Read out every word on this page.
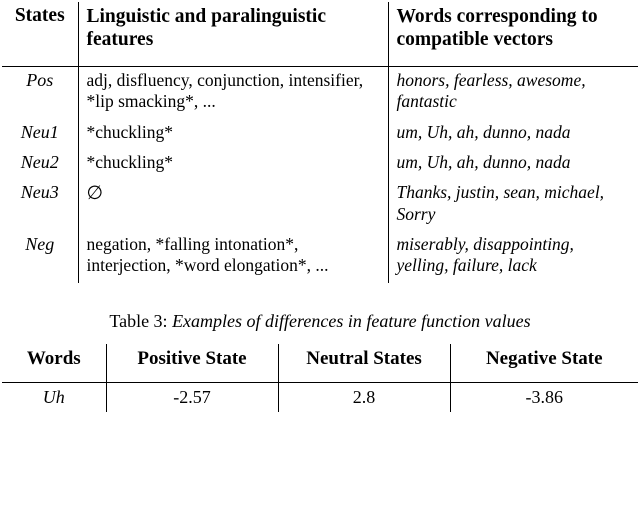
States	Linguistic and paralinguistic features	Words corresponding to compatible vectors

Pos	adj, disfluency, conjunction, intensifier, *lip smacking*, ...	honors, fearless, awesome, fantastic
Neu1	*chuckling*	um, Uh, ah, dunno, nada
Neu2	*chuckling*	um, Uh, ah, dunno, nada
Neu3	∅	Thanks, justin, sean, michael, Sorry
Neg	negation, *falling intonation*, interjection, *word elongation*, ...	miserably, disappointing, yelling, failure, lack
Table 3: Examples of differences in feature function values
Words	Positive State	Neutral States	Negative State

Uh	-2.57	2.8	-3.86
